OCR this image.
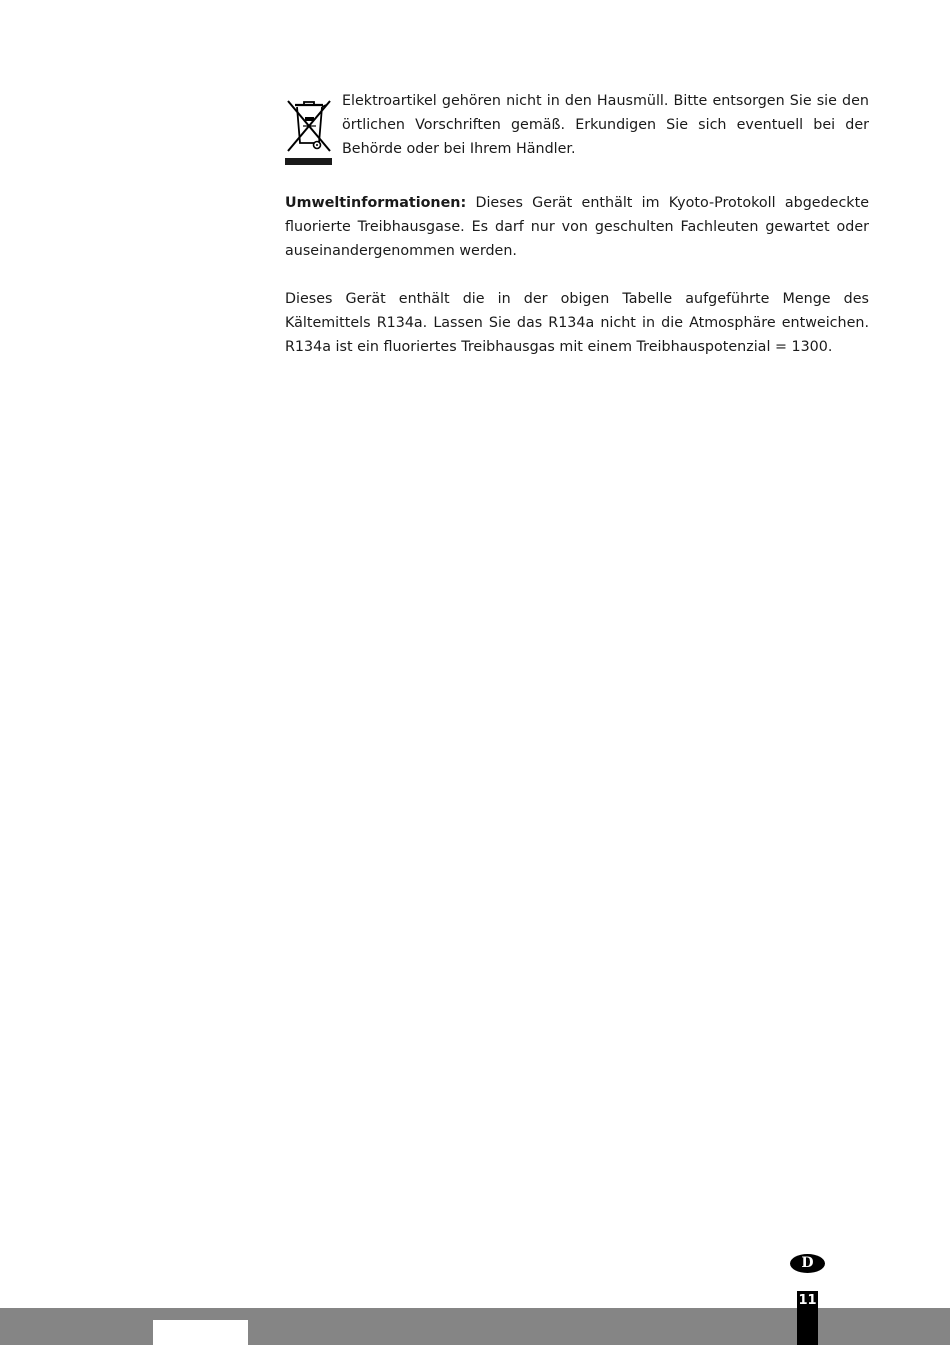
Elektroartikel gehören nicht in den Hausmüll. Bitte entsorgen Sie sie den örtlichen Vorschriften gemäß. Erkundigen Sie sich eventuell bei der Behörde oder bei Ihrem Händler.

Umweltinformationen: Dieses Gerät enthält im Kyoto-Protokoll abgedeckte fluorierte Treibhausgase. Es darf nur von geschulten Fachleuten gewartet oder auseinandergenommen werden.

Dieses Gerät enthält die in der obigen Tabelle aufgeführte Menge des Kältemittels R134a. Lassen Sie das R134a nicht in die Atmosphäre entweichen. R134a ist ein fluoriertes Treibhausgas mit einem Treibhauspotenzial = 1300.

D
11
